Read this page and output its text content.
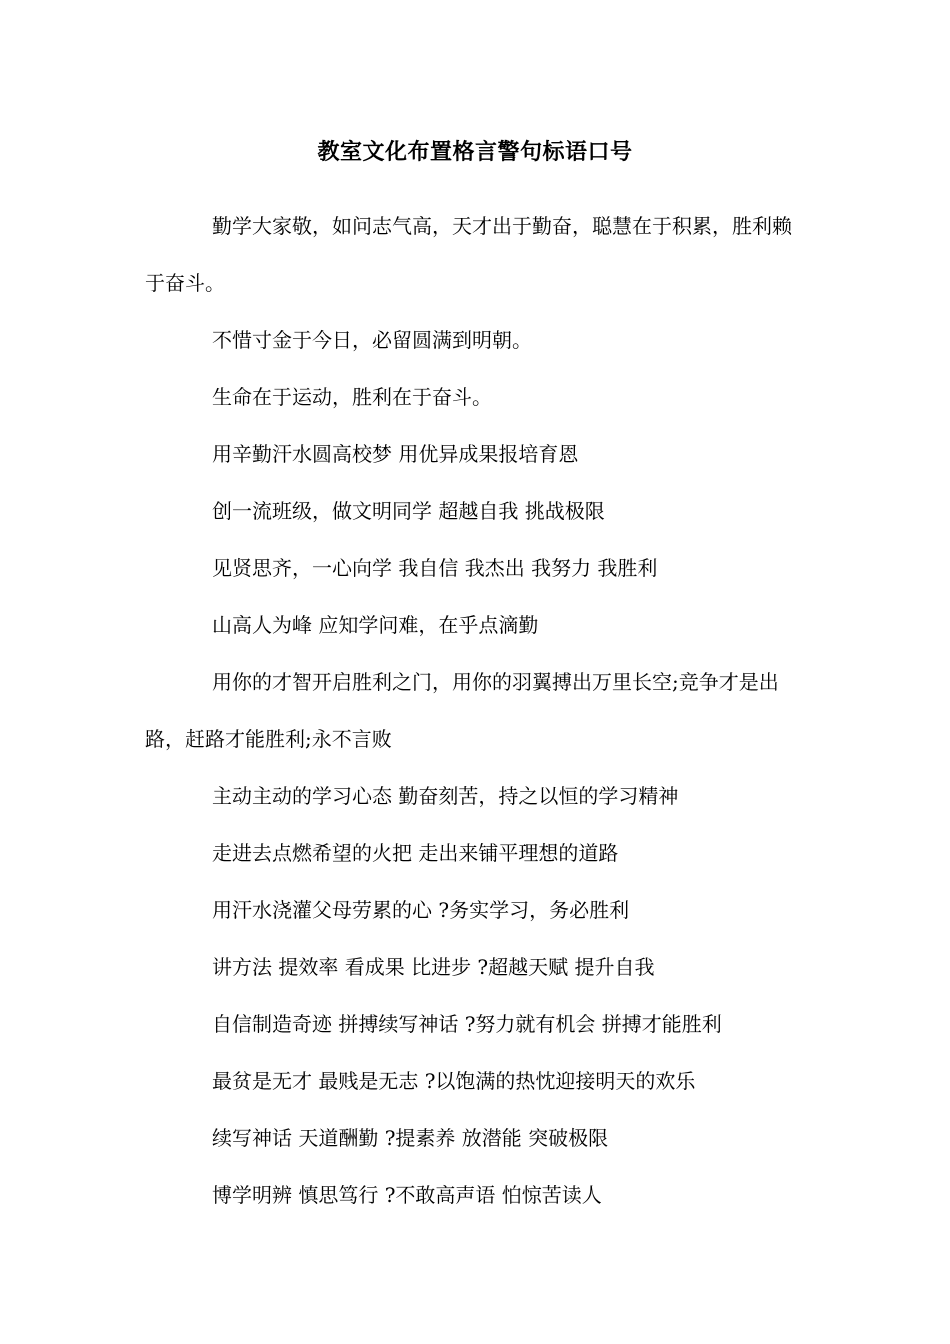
教室文化布置格言警句标语口号

勤学大家敬，如问志气高，天才出于勤奋，聪慧在于积累，胜利赖于奋斗。

不惜寸金于今日，必留圆满到明朝。

生命在于运动，胜利在于奋斗。

用辛勤汗水圆高校梦 用优异成果报培育恩

创一流班级，做文明同学 超越自我 挑战极限

见贤思齐，一心向学 我自信 我杰出 我努力 我胜利

山高人为峰 应知学问难，在乎点滴勤

用你的才智开启胜利之门，用你的羽翼搏出万里长空;竞争才是出路，赶路才能胜利;永不言败

主动主动的学习心态 勤奋刻苦，持之以恒的学习精神

走进去点燃希望的火把 走出来铺平理想的道路

用汗水浇灌父母劳累的心 ?务实学习，务必胜利

讲方法 提效率 看成果 比进步 ?超越天赋 提升自我

自信制造奇迹 拼搏续写神话 ?努力就有机会 拼搏才能胜利

最贫是无才 最贱是无志 ?以饱满的热忱迎接明天的欢乐

续写神话 天道酬勤 ?提素养 放潜能 突破极限

博学明辨 慎思笃行 ?不敢高声语 怕惊苦读人
